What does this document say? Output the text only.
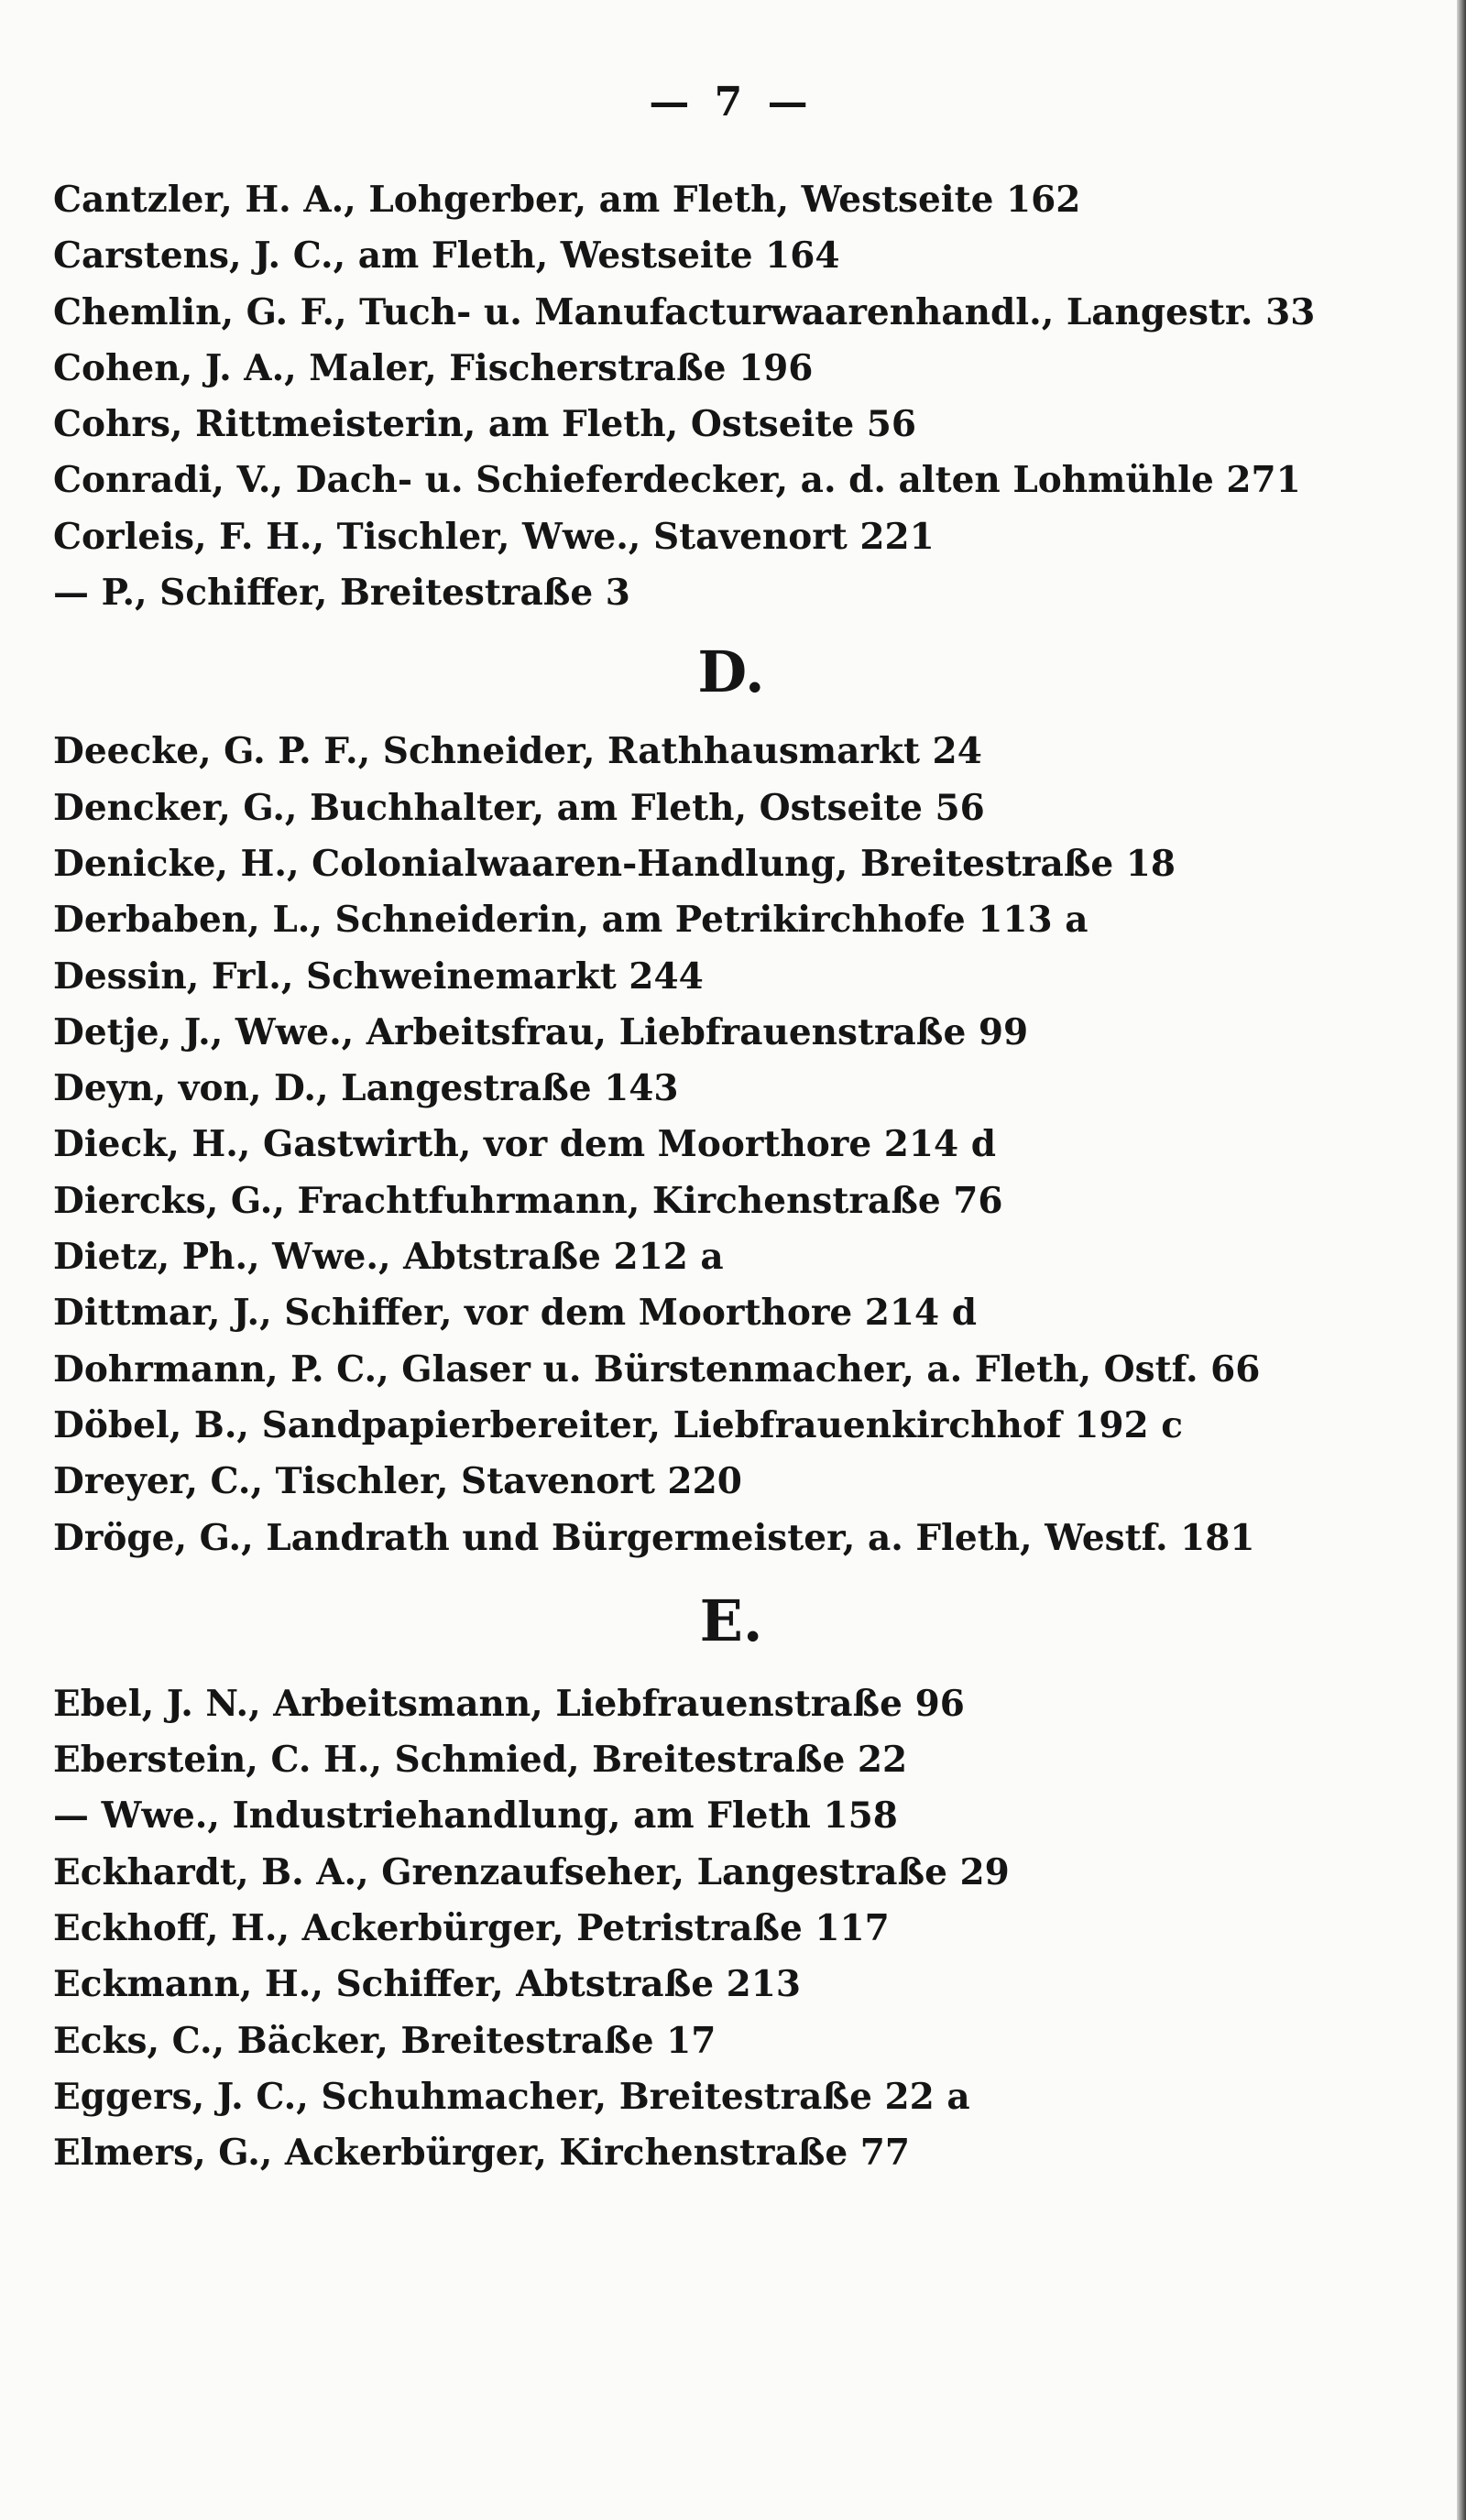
— 7 —
Cantzler, H. A., Lohgerber, am Fleth, Westseite 162
Carstens, J. C., am Fleth, Westseite 164
Chemlin, G. F., Tuch- u. Manufacturwaarenhandl., Langestr. 33
Cohen, J. A., Maler, Fischerstraße 196
Cohrs, Rittmeisterin, am Fleth, Ostseite 56
Conradi, V., Dach- u. Schieferdecker, a. d. alten Lohmühle 271
Corleis, F. H., Tischler, Wwe., Stavenort 221
— P., Schiffer, Breitestraße 3
D.
Deecke, G. P. F., Schneider, Rathhausmarkt 24
Dencker, G., Buchhalter, am Fleth, Ostseite 56
Denicke, H., Colonialwaaren-Handlung, Breitestraße 18
Derbaben, L., Schneiderin, am Petrikirchhofe 113 a
Dessin, Frl., Schweinemarkt 244
Detje, J., Wwe., Arbeitsfrau, Liebfrauenstraße 99
Deyn, von, D., Langestraße 143
Dieck, H., Gastwirth, vor dem Moorthore 214 d
Diercks, G., Frachtfuhrmann, Kirchenstraße 76
Dietz, Ph., Wwe., Abtstraße 212 a
Dittmar, J., Schiffer, vor dem Moorthore 214 d
Dohrmann, P. C., Glaser u. Bürstenmacher, a. Fleth, Ostf. 66
Döbel, B., Sandpapierbereiter, Liebfrauenkirchhof 192 c
Dreyer, C., Tischler, Stavenort 220
Dröge, G., Landrath und Bürgermeister, a. Fleth, Westf. 181
E.
Ebel, J. N., Arbeitsmann, Liebfrauenstraße 96
Eberstein, C. H., Schmied, Breitestraße 22
— Wwe., Industriehandlung, am Fleth 158
Eckhardt, B. A., Grenzaufseher, Langestraße 29
Eckhoff, H., Ackerbürger, Petristraße 117
Eckmann, H., Schiffer, Abtstraße 213
Ecks, C., Bäcker, Breitestraße 17
Eggers, J. C., Schuhmacher, Breitestraße 22 a
Elmers, G., Ackerbürger, Kirchenstraße 77
